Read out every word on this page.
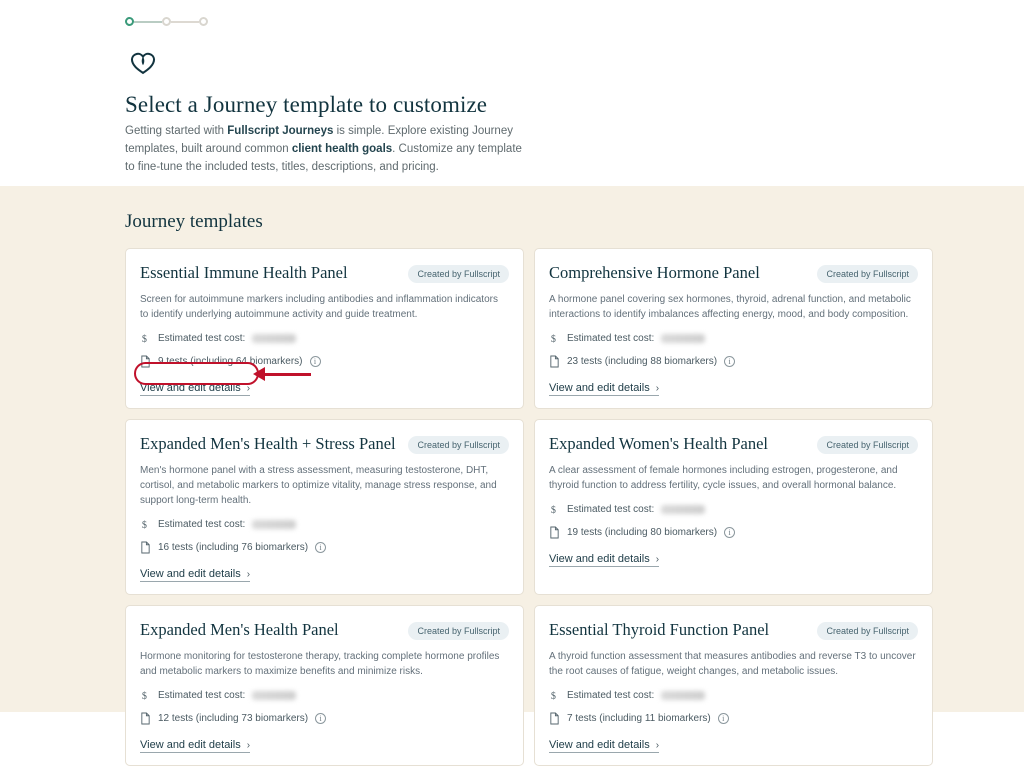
Select a Journey template to customize
Getting started with Fullscript Journeys is simple. Explore existing Journey templates, built around common client health goals. Customize any template to fine-tune the included tests, titles, descriptions, and pricing.
Journey templates
Essential Immune Health Panel	Created by Fullscript
Screen for autoimmune markers including antibodies and inflammation indicators to identify underlying autoimmune activity and guide treatment.
$ Estimated test cost:
9 tests (including 64 biomarkers)	i
View and edit details ›
Comprehensive Hormone Panel	Created by Fullscript
A hormone panel covering sex hormones, thyroid, adrenal function, and metabolic interactions to identify imbalances affecting energy, mood, and body composition.
$ Estimated test cost:
23 tests (including 88 biomarkers)	i
View and edit details ›
Expanded Men's Health + Stress Panel	Created by Fullscript
Men's hormone panel with a stress assessment, measuring testosterone, DHT, cortisol, and metabolic markers to optimize vitality, manage stress response, and support long-term health.
$ Estimated test cost:
16 tests (including 76 biomarkers)	i
View and edit details ›
Expanded Women's Health Panel	Created by Fullscript
A clear assessment of female hormones including estrogen, progesterone, and thyroid function to address fertility, cycle issues, and overall hormonal balance.
$ Estimated test cost:
19 tests (including 80 biomarkers)	i
View and edit details ›
Expanded Men's Health Panel	Created by Fullscript
Hormone monitoring for testosterone therapy, tracking complete hormone profiles and metabolic markers to maximize benefits and minimize risks.
$ Estimated test cost:
12 tests (including 73 biomarkers)	i
View and edit details ›
Essential Thyroid Function Panel	Created by Fullscript
A thyroid function assessment that measures antibodies and reverse T3 to uncover the root causes of fatigue, weight changes, and metabolic issues.
$ Estimated test cost:
7 tests (including 11 biomarkers)	i
View and edit details ›
